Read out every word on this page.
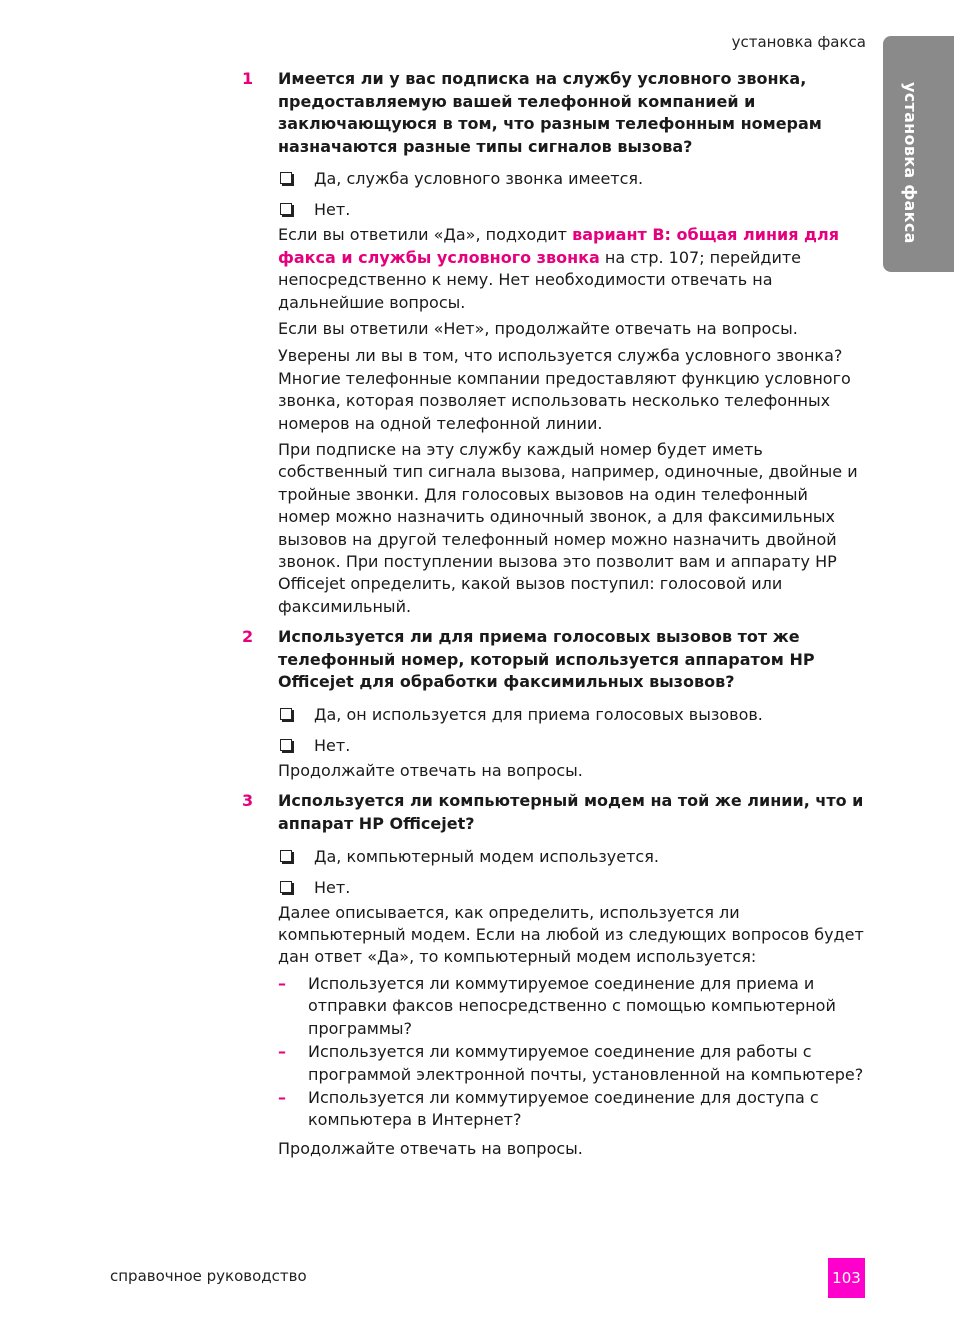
установка факса
установка факса
1 Имеется ли у вас подписка на службу условного звонка, предоставляемую вашей телефонной компанией и заключающуюся в том, что разным телефонным номерам назначаются разные типы сигналов вызова?
Да, служба условного звонка имеется.
Нет.

Если вы ответили «Да», подходит вариант B: общая линия для факса и службы условного звонка на стр. 107; перейдите непосредственно к нему. Нет необходимости отвечать на дальнейшие вопросы.

Если вы ответили «Нет», продолжайте отвечать на вопросы.

Уверены ли вы в том, что используется служба условного звонка? Многие телефонные компании предоставляют функцию условного звонка, которая позволяет использовать несколько телефонных номеров на одной телефонной линии.

При подписке на эту службу каждый номер будет иметь собственный тип сигнала вызова, например, одиночные, двойные и тройные звонки. Для голосовых вызовов на один телефонный номер можно назначить одиночный звонок, а для факсимильных вызовов на другой телефонный номер можно назначить двойной звонок. При поступлении вызова это позволит вам и аппарату HP Officejet определить, какой вызов поступил: голосовой или факсимильный.

2 Используется ли для приема голосовых вызовов тот же телефонный номер, который используется аппаратом HP Officejet для обработки факсимильных вызовов?
Да, он используется для приема голосовых вызовов.
Нет.

Продолжайте отвечать на вопросы.

3 Используется ли компьютерный модем на той же линии, что и аппарат HP Officejet?
Да, компьютерный модем используется.
Нет.

Далее описывается, как определить, используется ли компьютерный модем. Если на любой из следующих вопросов будет дан ответ «Да», то компьютерный модем используется:

– Используется ли коммутируемое соединение для приема и отправки факсов непосредственно с помощью компьютерной программы?
– Используется ли коммутируемое соединение для работы с программой электронной почты, установленной на компьютере?
– Используется ли коммутируемое соединение для доступа с компьютера в Интернет?

Продолжайте отвечать на вопросы.

справочное руководство	103
